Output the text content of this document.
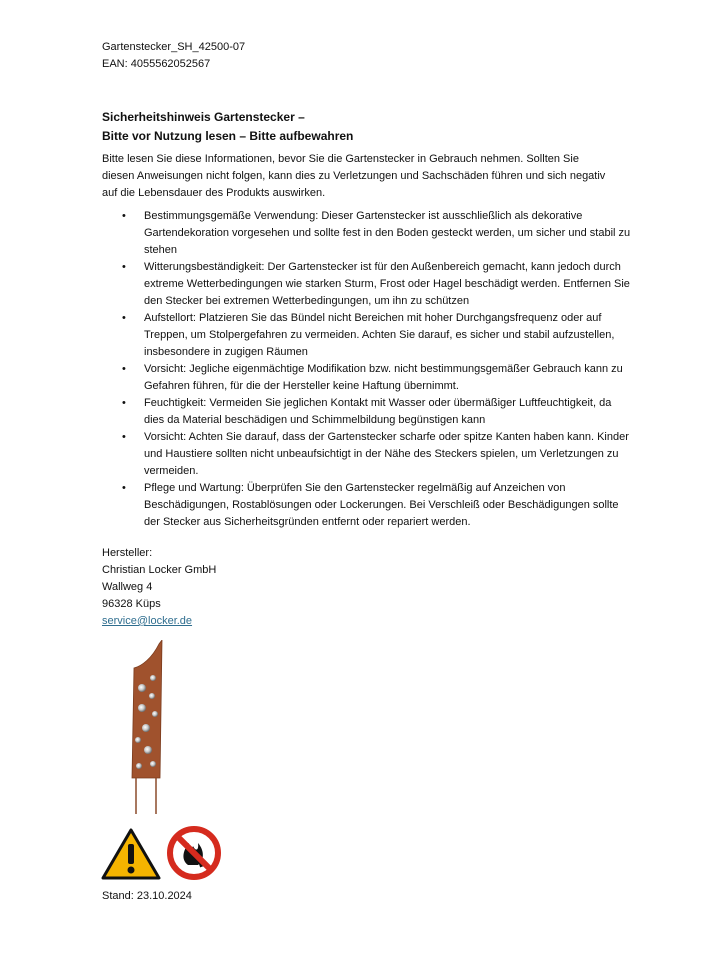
Gartenstecker_SH_42500-07
EAN: 4055562052567
Sicherheitshinweis Gartenstecker –
Bitte vor Nutzung lesen – Bitte aufbewahren
Bitte lesen Sie diese Informationen, bevor Sie die Gartenstecker in Gebrauch nehmen. Sollten Sie diesen Anweisungen nicht folgen, kann dies zu Verletzungen und Sachschäden führen und sich negativ auf die Lebensdauer des Produkts auswirken.
• Bestimmungsgemäße Verwendung: Dieser Gartenstecker ist ausschließlich als dekorative Gartendekoration vorgesehen und sollte fest in den Boden gesteckt werden, um sicher und stabil zu stehen
• Witterungsbeständigkeit: Der Gartenstecker ist für den Außenbereich gemacht, kann jedoch durch extreme Wetterbedingungen wie starken Sturm, Frost oder Hagel beschädigt werden. Entfernen Sie den Stecker bei extremen Wetterbedingungen, um ihn zu schützen
• Aufstellort: Platzieren Sie das Bündel nicht Bereichen mit hoher Durchgangsfrequenz oder auf Treppen, um Stolpergefahren zu vermeiden. Achten Sie darauf, es sicher und stabil aufzustellen, insbesondere in zugigen Räumen
• Vorsicht: Jegliche eigenmächtige Modifikation bzw. nicht bestimmungsgemäßer Gebrauch kann zu Gefahren führen, für die der Hersteller keine Haftung übernimmt.
• Feuchtigkeit: Vermeiden Sie jeglichen Kontakt mit Wasser oder übermäßiger Luftfeuchtigkeit, da dies da Material beschädigen und Schimmelbildung begünstigen kann
• Vorsicht: Achten Sie darauf, dass der Gartenstecker scharfe oder spitze Kanten haben kann. Kinder und Haustiere sollten nicht unbeaufsichtigt in der Nähe des Steckers spielen, um Verletzungen zu vermeiden.
• Pflege und Wartung: Überprüfen Sie den Gartenstecker regelmäßig auf Anzeichen von Beschädigungen, Rostablösungen oder Lockerungen. Bei Verschleiß oder Beschädigungen sollte der Stecker aus Sicherheitsgründen entfernt oder repariert werden.
Hersteller:
Christian Locker GmbH
Wallweg 4
96328 Küps
service@locker.de
Stand: 23.10.2024
